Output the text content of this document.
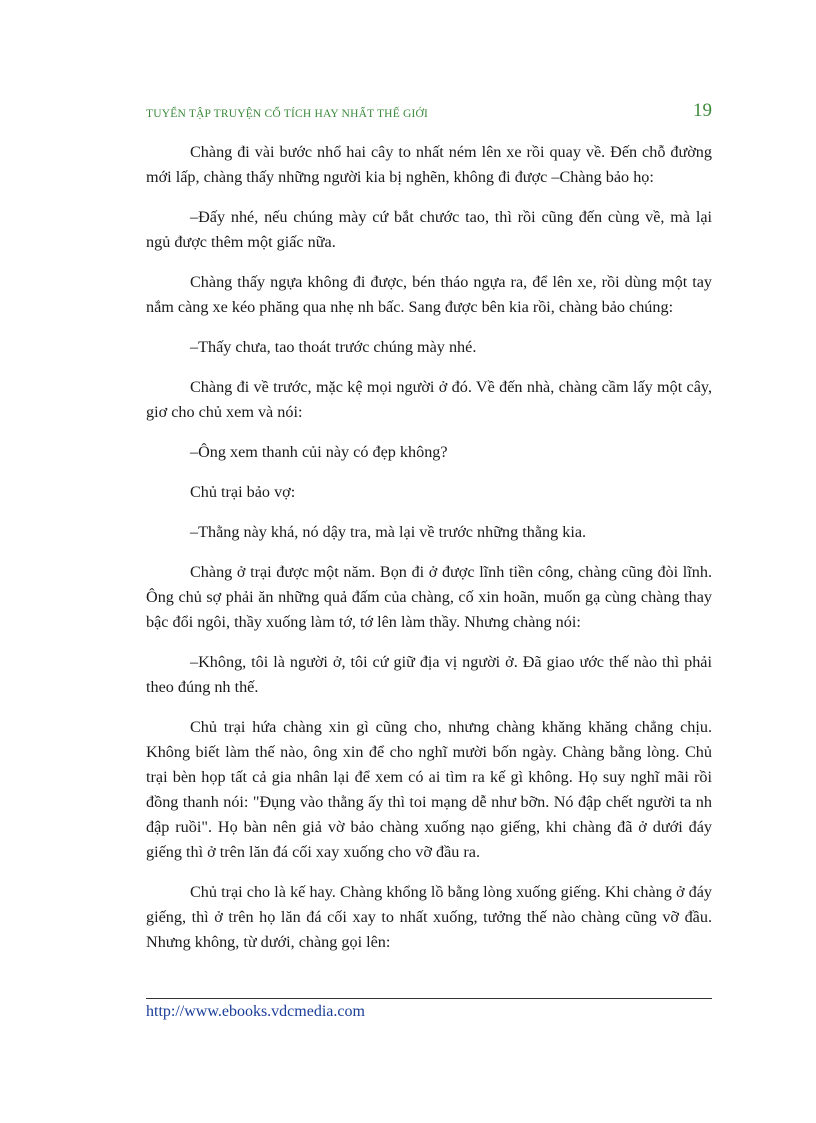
TUYỂN TẬP TRUYỆN CỔ TÍCH HAY NHẤT THẾ GIỚI	19

Chàng đi vài bước nhổ hai cây to nhất ném lên xe rồi quay về. Đến chỗ đường mới lấp, chàng thấy những người kia bị nghẽn, không đi được –Chàng bảo họ:

–Đấy nhé, nếu chúng mày cứ bắt chước tao, thì rồi cũng đến cùng về, mà lại ngủ được thêm một giấc nữa.

Chàng thấy ngựa không đi được, bén tháo ngựa ra, để lên xe, rồi dùng một tay nắm càng xe kéo phăng qua nhẹ nh bấc. Sang được bên kia rồi, chàng bảo chúng:

–Thấy chưa, tao thoát trước chúng mày nhé.

Chàng đi về trước, mặc kệ mọi người ở đó. Về đến nhà, chàng cầm lấy một cây, giơ cho chủ xem và nói:

–Ông xem thanh củi này có đẹp không?

Chủ trại bảo vợ:

–Thằng này khá, nó dậy tra, mà lại về trước những thằng kia.

Chàng ở trại được một năm. Bọn đi ở được lĩnh tiền công, chàng cũng đòi lĩnh. Ông chủ sợ phải ăn những quả đấm của chàng, cố xin hoãn, muốn gạ cùng chàng thay bậc đổi ngôi, thầy xuống làm tớ, tớ lên làm thầy. Nhưng chàng nói:

–Không, tôi là người ở, tôi cứ giữ địa vị người ở. Đã giao ước thế nào thì phải theo đúng nh thế.

Chủ trại hứa chàng xin gì cũng cho, nhưng chàng khăng khăng chẳng chịu. Không biết làm thế nào, ông xin để cho nghĩ mười bốn ngày. Chàng bằng lòng. Chủ trại bèn họp tất cả gia nhân lại để xem có ai tìm ra kế gì không. Họ suy nghĩ mãi rồi đồng thanh nói: "Đụng vào thằng ấy thì toi mạng dễ như bỡn. Nó đập chết người ta nh đập ruồi". Họ bàn nên giả vờ bảo chàng xuống nạo giếng, khi chàng đã ở dưới đáy giếng thì ở trên lăn đá cối xay xuống cho vỡ đầu ra.

Chủ trại cho là kế hay. Chàng khổng lồ bằng lòng xuống giếng. Khi chàng ở đáy giếng, thì ở trên họ lăn đá cối xay to nhất xuống, tưởng thế nào chàng cũng vỡ đầu. Nhưng không, từ dưới, chàng gọi lên:

http://www.ebooks.vdcmedia.com
